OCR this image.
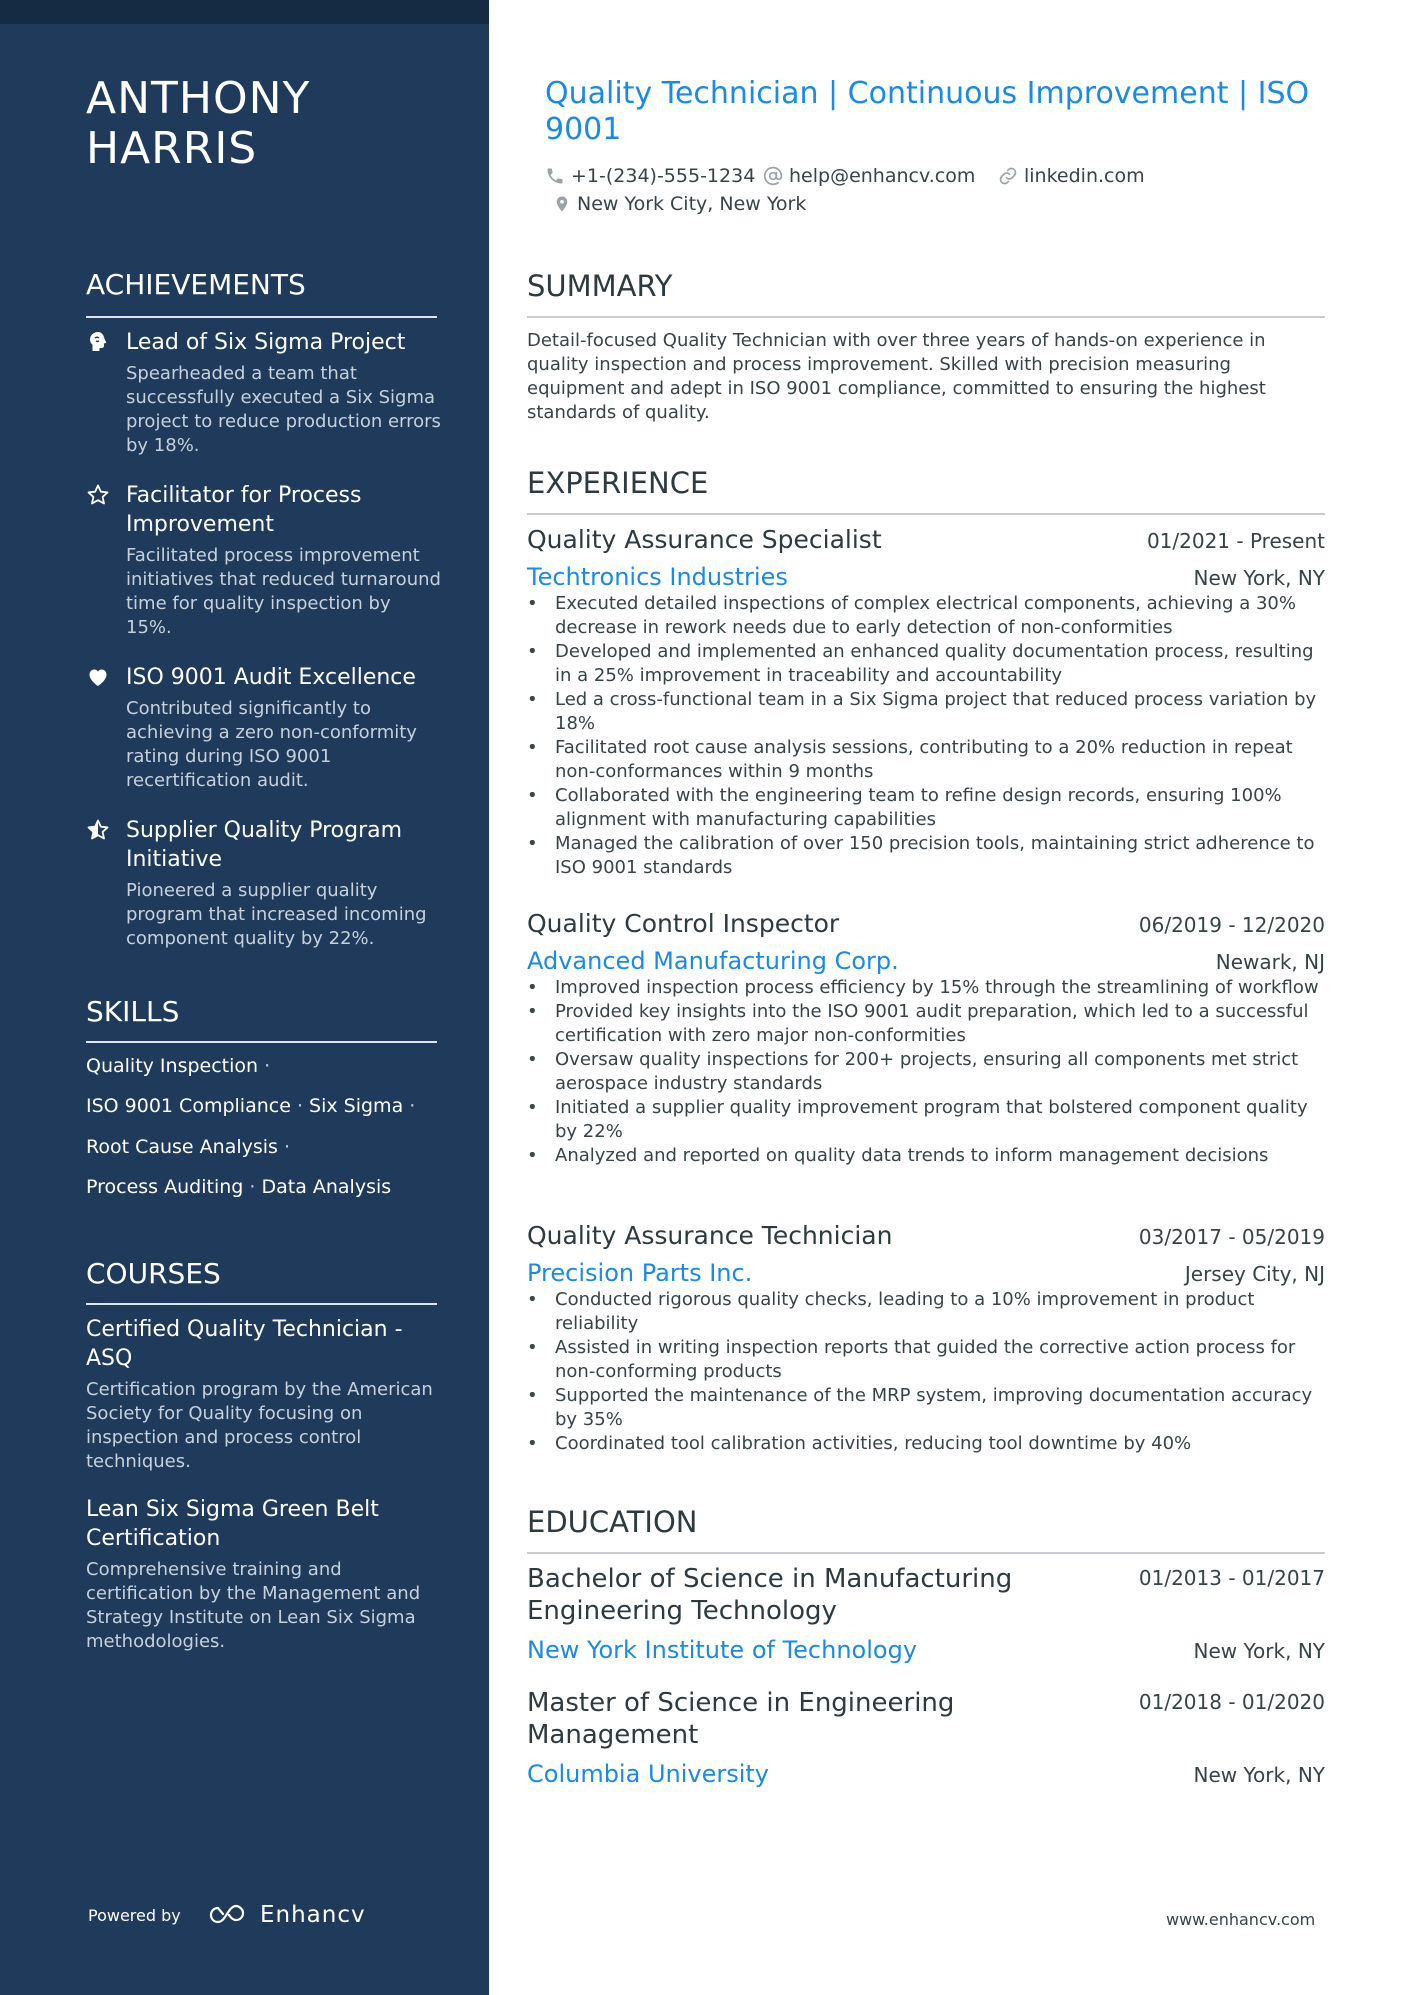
ANTHONY HARRIS
ACHIEVEMENTS
Lead of Six Sigma Project
Spearheaded a team that successfully executed a Six Sigma project to reduce production errors by 18%.
Facilitator for Process Improvement
Facilitated process improvement initiatives that reduced turnaround time for quality inspection by 15%.
ISO 9001 Audit Excellence
Contributed significantly to achieving a zero non-conformity rating during ISO 9001 recertification audit.
Supplier Quality Program Initiative
Pioneered a supplier quality program that increased incoming component quality by 22%.
SKILLS
Quality Inspection ·
ISO 9001 Compliance · Six Sigma ·
Root Cause Analysis ·
Process Auditing · Data Analysis
COURSES
Certified Quality Technician - ASQ
Certification program by the American Society for Quality focusing on inspection and process control techniques.
Lean Six Sigma Green Belt Certification
Comprehensive training and certification by the Management and Strategy Institute on Lean Six Sigma methodologies.
Powered by	Enhancv
Quality Technician | Continuous Improvement | ISO 9001
+1-(234)-555-1234 help@enhancv.com	linkedin.com
New York City, New York
SUMMARY
Detail-focused Quality Technician with over three years of hands-on experience in quality inspection and process improvement. Skilled with precision measuring equipment and adept in ISO 9001 compliance, committed to ensuring the highest standards of quality.
EXPERIENCE
Quality Assurance Specialist	01/2021 - Present
Techtronics Industries	New York, NY
• Executed detailed inspections of complex electrical components, achieving a 30% decrease in rework needs due to early detection of non-conformities
• Developed and implemented an enhanced quality documentation process, resulting in a 25% improvement in traceability and accountability
• Led a cross-functional team in a Six Sigma project that reduced process variation by 18%
• Facilitated root cause analysis sessions, contributing to a 20% reduction in repeat non-conformances within 9 months
• Collaborated with the engineering team to refine design records, ensuring 100% alignment with manufacturing capabilities
• Managed the calibration of over 150 precision tools, maintaining strict adherence to ISO 9001 standards
Quality Control Inspector	06/2019 - 12/2020
Advanced Manufacturing Corp.	Newark, NJ
• Improved inspection process efficiency by 15% through the streamlining of workflow
• Provided key insights into the ISO 9001 audit preparation, which led to a successful certification with zero major non-conformities
• Oversaw quality inspections for 200+ projects, ensuring all components met strict aerospace industry standards
• Initiated a supplier quality improvement program that bolstered component quality by 22%
• Analyzed and reported on quality data trends to inform management decisions
Quality Assurance Technician	03/2017 - 05/2019
Precision Parts Inc.	Jersey City, NJ
• Conducted rigorous quality checks, leading to a 10% improvement in product reliability
• Assisted in writing inspection reports that guided the corrective action process for non-conforming products
• Supported the maintenance of the MRP system, improving documentation accuracy by 35%
• Coordinated tool calibration activities, reducing tool downtime by 40%
EDUCATION
Bachelor of Science in Manufacturing Engineering Technology
01/2013 - 01/2017
New York Institute of Technology	New York, NY
Master of Science in Engineering Management
01/2018 - 01/2020
Columbia University	New York, NY
www.enhancv.com
